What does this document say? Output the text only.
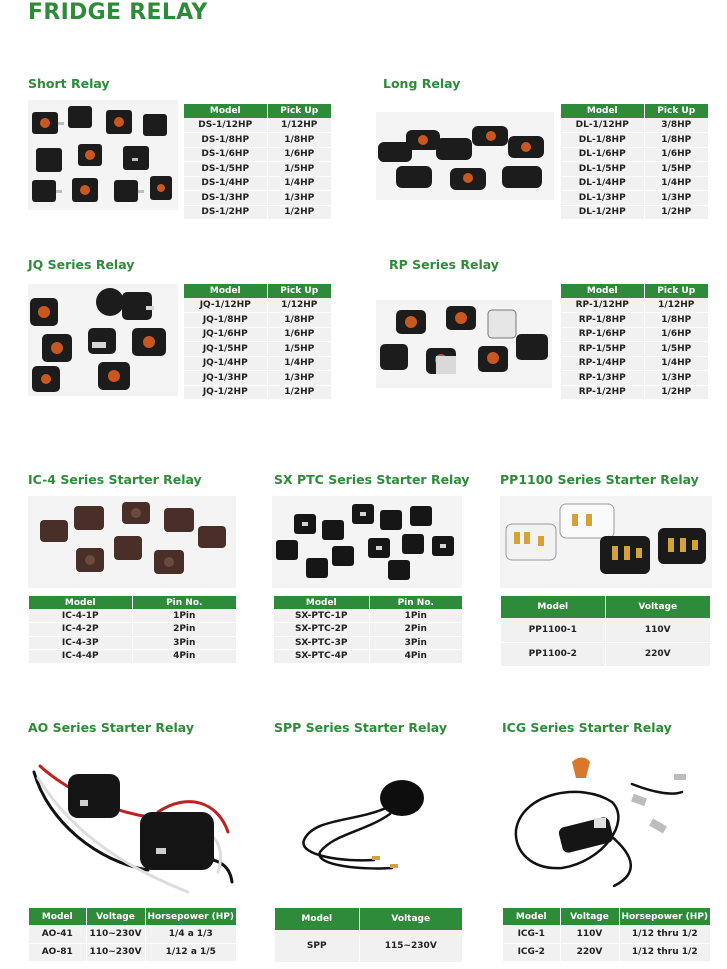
FRIDGE RELAY
Short Relay
Model	Pick Up
DS-1/12HP	1/12HP
DS-1/8HP	1/8HP
DS-1/6HP	1/6HP
DS-1/5HP	1/5HP
DS-1/4HP	1/4HP
DS-1/3HP	1/3HP
DS-1/2HP	1/2HP
Long Relay
Model	Pick Up
DL-1/12HP	3/8HP
DL-1/8HP	1/8HP
DL-1/6HP	1/6HP
DL-1/5HP	1/5HP
DL-1/4HP	1/4HP
DL-1/3HP	1/3HP
DL-1/2HP	1/2HP
JQ Series Relay
Model	Pick Up
JQ-1/12HP	1/12HP
JQ-1/8HP	1/8HP
JQ-1/6HP	1/6HP
JQ-1/5HP	1/5HP
JQ-1/4HP	1/4HP
JQ-1/3HP	1/3HP
JQ-1/2HP	1/2HP
RP Series Relay
Model	Pick Up
RP-1/12HP	1/12HP
RP-1/8HP	1/8HP
RP-1/6HP	1/6HP
RP-1/5HP	1/5HP
RP-1/4HP	1/4HP
RP-1/3HP	1/3HP
RP-1/2HP	1/2HP
IC-4 Series Starter Relay
Model	Pin No.
IC-4-1P	1Pin
IC-4-2P	2Pin
IC-4-3P	3Pin
IC-4-4P	4Pin
SX PTC Series Starter Relay
Model	Pin No.
SX-PTC-1P	1Pin
SX-PTC-2P	2Pin
SX-PTC-3P	3Pin
SX-PTC-4P	4Pin
PP1100 Series Starter Relay
Model	Voltage
PP1100-1	110V
PP1100-2	220V
AO Series Starter Relay
Model	Voltage	Horsepower (HP)
AO-41	110~230V	1/4 a 1/3
AO-81	110~230V	1/12 a 1/5
SPP Series Starter Relay
Model	Voltage
SPP	115~230V
ICG Series Starter Relay
Model	Voltage	Horsepower (HP)
ICG-1	110V	1/12 thru 1/2
ICG-2	220V	1/12 thru 1/2
